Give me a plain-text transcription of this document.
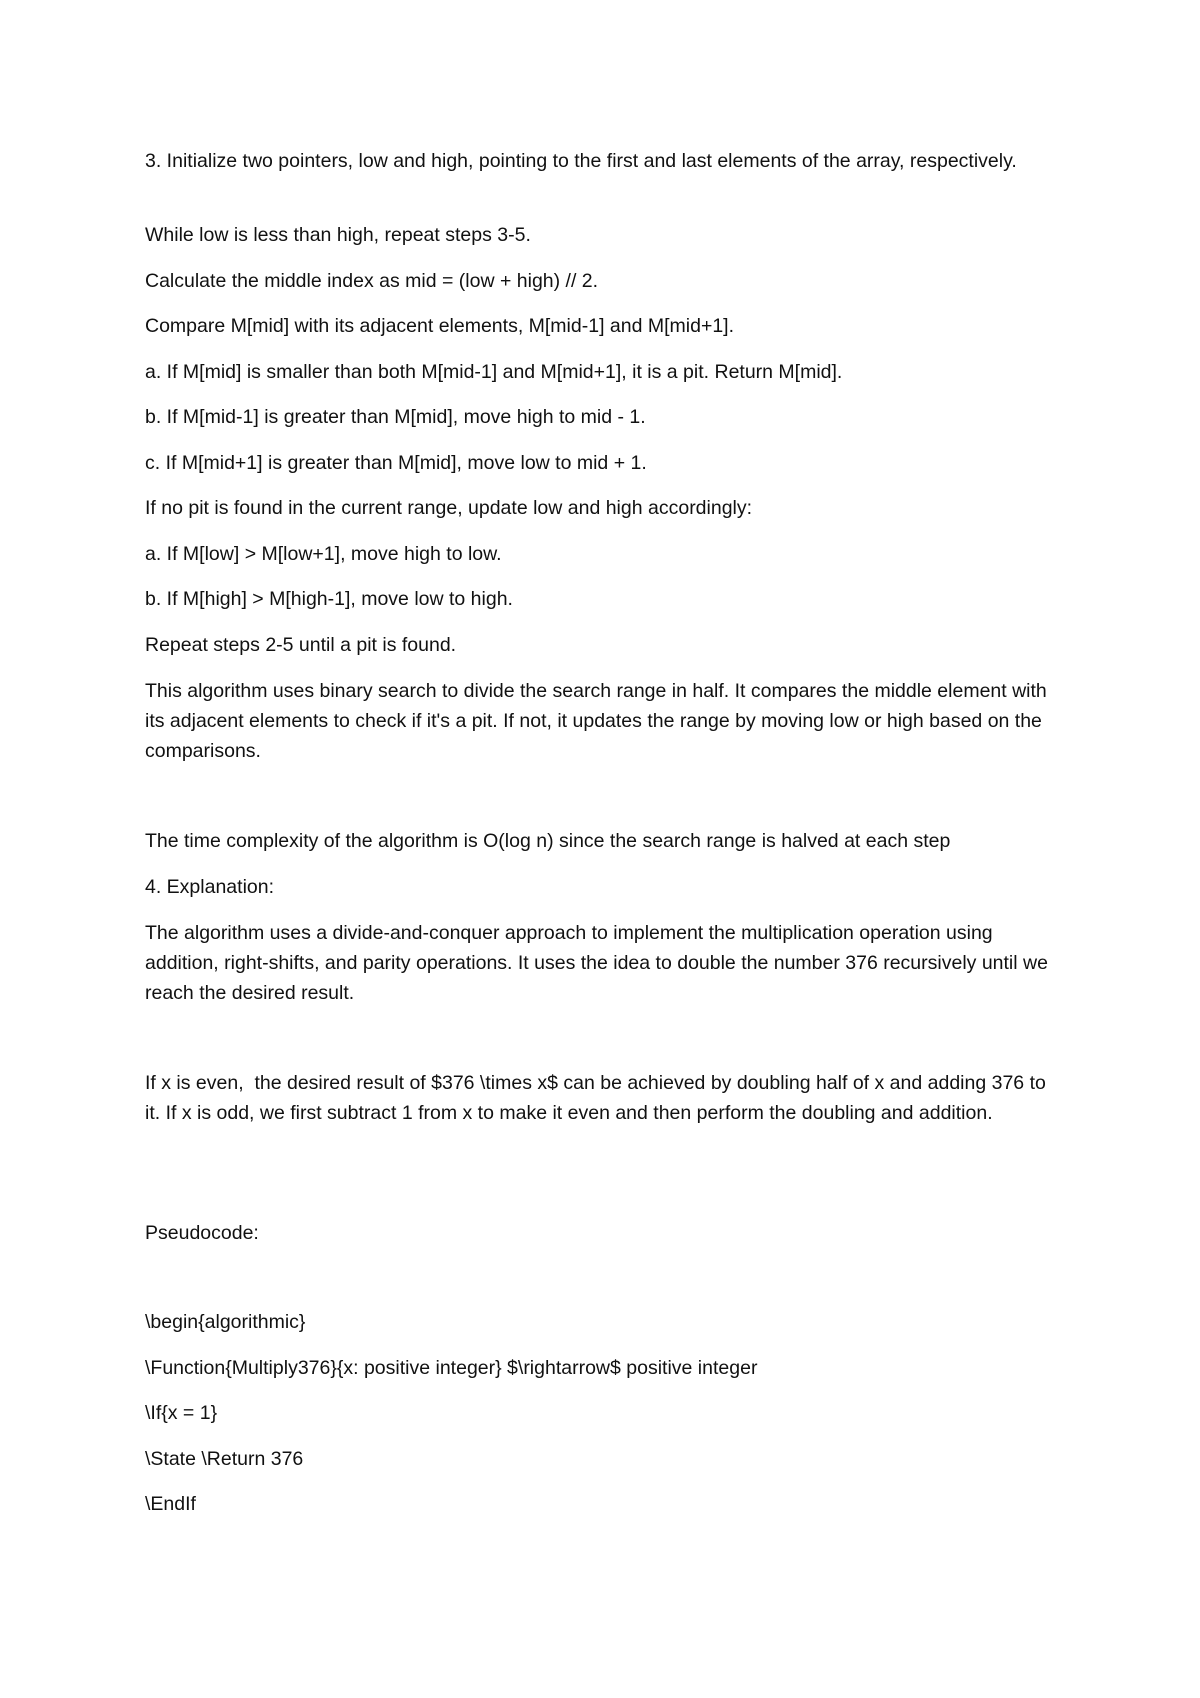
3. Initialize two pointers, low and high, pointing to the first and last elements of the array, respectively.

While low is less than high, repeat steps 3-5.

Calculate the middle index as mid = (low + high) // 2.

Compare M[mid] with its adjacent elements, M[mid-1] and M[mid+1].

a. If M[mid] is smaller than both M[mid-1] and M[mid+1], it is a pit. Return M[mid].

b. If M[mid-1] is greater than M[mid], move high to mid - 1.

c. If M[mid+1] is greater than M[mid], move low to mid + 1.

If no pit is found in the current range, update low and high accordingly:

a. If M[low] > M[low+1], move high to low.

b. If M[high] > M[high-1], move low to high.

Repeat steps 2-5 until a pit is found.

This algorithm uses binary search to divide the search range in half. It compares the middle element with its adjacent elements to check if it's a pit. If not, it updates the range by moving low or high based on the comparisons.

The time complexity of the algorithm is O(log n) since the search range is halved at each step

4. Explanation:

The algorithm uses a divide-and-conquer approach to implement the multiplication operation using addition, right-shifts, and parity operations. It uses the idea to double the number 376 recursively until we reach the desired result.

If x is even,  the desired result of $376 \times x$ can be achieved by doubling half of x and adding 376 to it. If x is odd, we first subtract 1 from x to make it even and then perform the doubling and addition.

Pseudocode:

\begin{algorithmic}

\Function{Multiply376}{x: positive integer} $\rightarrow$ positive integer

\If{x = 1}

\State \Return 376

\EndIf
